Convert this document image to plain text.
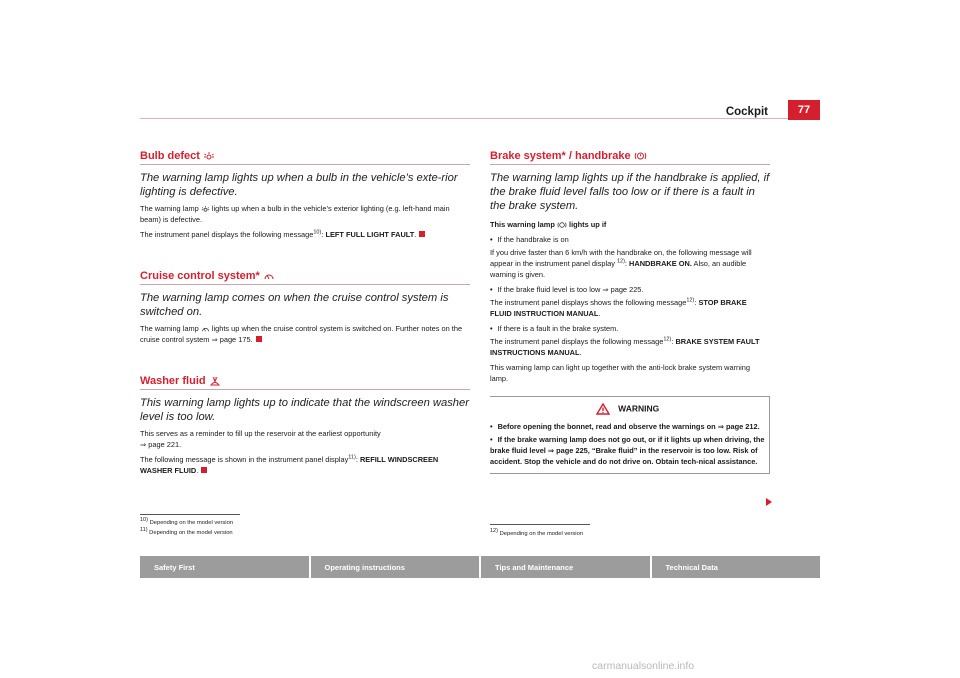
Cockpit	77
Bulb defect

The warning lamp lights up when a bulb in the vehicle’s exte-rior lighting is defective.

The warning lamp lights up when a bulb in the vehicle’s exterior lighting (e.g. left-hand main beam) is defective.

The instrument panel displays the following message$^{10)}$: LEFT FULL LIGHT FAULT.

Cruise control system*

The warning lamp comes on when the cruise control system is switched on.

The warning lamp lights up when the cruise control system is switched on. Further notes on the cruise control system ⇒ page 175.

Washer fluid

This warning lamp lights up to indicate that the windscreen washer level is too low.

This serves as a reminder to fill up the reservoir at the earliest opportunity
⇒ page 221.

The following message is shown in the instrument panel display$^{11)}$: REFILL WINDSCREEN WASHER FLUID.

$^{10)}$ Depending on the model version
$^{11)}$ Depending on the model version
Brake system* / handbrake

The warning lamp lights up if the handbrake is applied, if the brake fluid level falls too low or if there is a fault in the brake system.

This warning lamp lights up if

• If the handbrake is on

If you drive faster than 6 km/h with the handbrake on, the following message will appear in the instrument panel display $^{12)}$: HANDBRAKE ON. Also, an audible warning is given.

• If the brake fluid level is too low ⇒ page 225.

The instrument panel displays shows the following message$^{12)}$: STOP BRAKE FLUID INSTRUCTION MANUAL.

• If there is a fault in the brake system.

The instrument panel displays the following message$^{12)}$: BRAKE SYSTEM FAULT INSTRUCTIONS MANUAL.

This warning lamp can light up together with the anti-lock brake system warning lamp.

WARNING
• Before opening the bonnet, read and observe the warnings on ⇒ page 212.
• If the brake warning lamp does not go out, or if it lights up when driving, the brake fluid level ⇒ page 225, “Brake fluid” in the reservoir is too low. Risk of accident. Stop the vehicle and do not drive on. Obtain tech-nical assistance.
$^{12)}$ Depending on the model version
Safety First	Operating instructions	Tips and Maintenance	Technical Data
carmanualsonline.info
